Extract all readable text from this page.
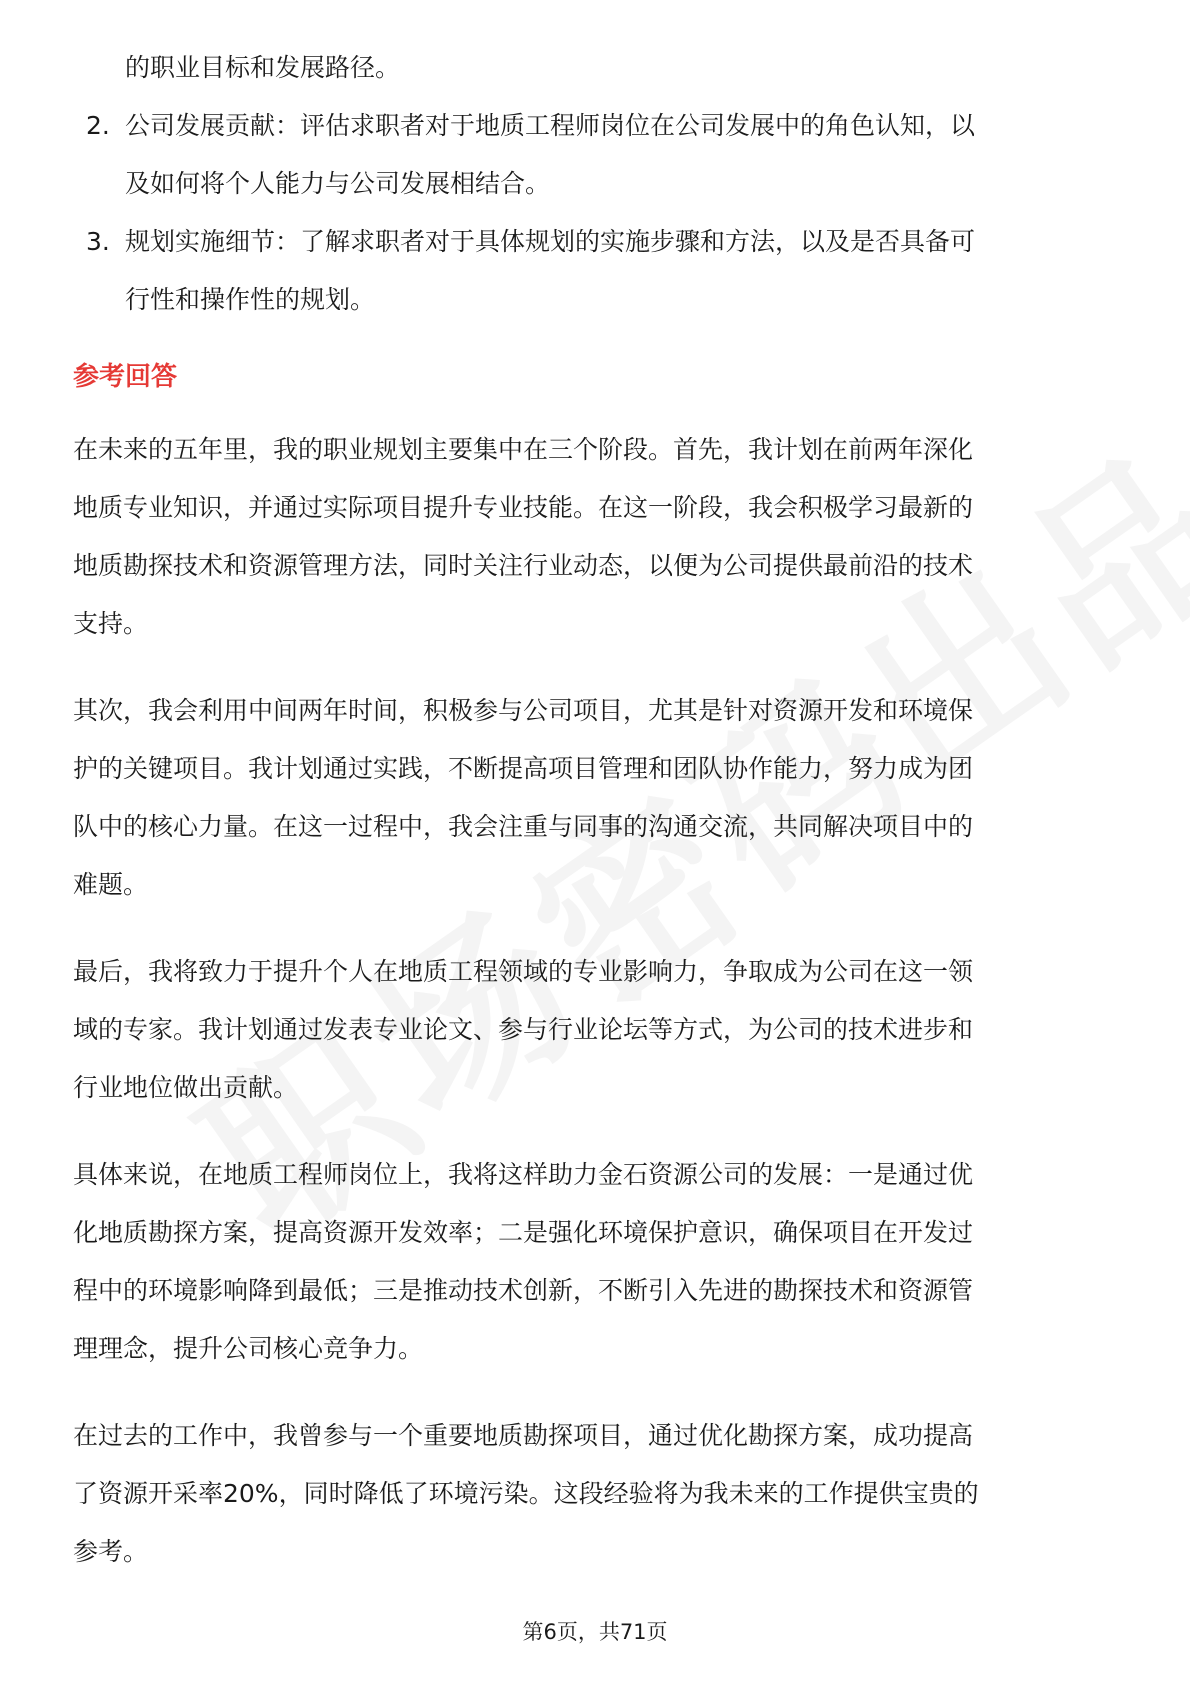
的职业目标和发展路径。
2. 公司发展贡献：评估求职者对于地质工程师岗位在公司发展中的角色认知，以
及如何将个人能力与公司发展相结合。
3. 规划实施细节：了解求职者对于具体规划的实施步骤和方法，以及是否具备可
行性和操作性的规划。
参考回答
在未来的五年里，我的职业规划主要集中在三个阶段。首先，我计划在前两年深化
地质专业知识，并通过实际项目提升专业技能。在这一阶段，我会积极学习最新的
地质勘探技术和资源管理方法，同时关注行业动态，以便为公司提供最前沿的技术
支持。
其次，我会利用中间两年时间，积极参与公司项目，尤其是针对资源开发和环境保
护的关键项目。我计划通过实践，不断提高项目管理和团队协作能力，努力成为团
队中的核心力量。在这一过程中，我会注重与同事的沟通交流，共同解决项目中的
难题。
最后，我将致力于提升个人在地质工程领域的专业影响力，争取成为公司在这一领
域的专家。我计划通过发表专业论文、参与行业论坛等方式，为公司的技术进步和
行业地位做出贡献。
具体来说，在地质工程师岗位上，我将这样助力金石资源公司的发展：一是通过优
化地质勘探方案，提高资源开发效率；二是强化环境保护意识，确保项目在开发过
程中的环境影响降到最低；三是推动技术创新，不断引入先进的勘探技术和资源管
理理念，提升公司核心竞争力。
在过去的工作中，我曾参与一个重要地质勘探项目，通过优化勘探方案，成功提高
了资源开采率20%，同时降低了环境污染。这段经验将为我未来的工作提供宝贵的
参考。
第6页，共71页
